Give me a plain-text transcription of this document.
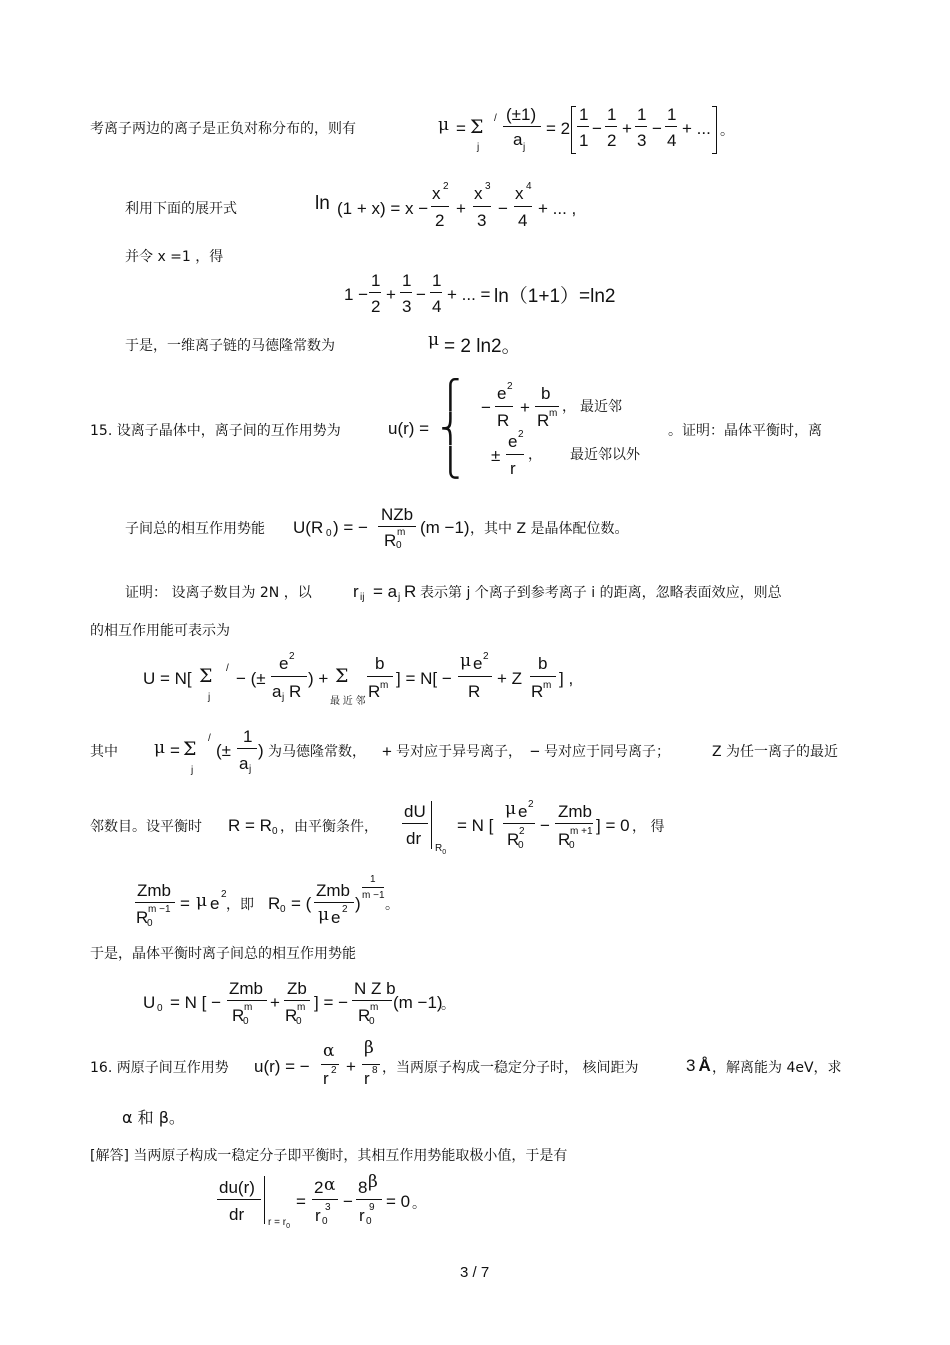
考离子两边的离子是正负对称分布的，则有	μ = Σ
j
/ (±1)
a j
= 2
1
1
−
1
2
+
1
3
−
1
4
+ ... 。
利用下面的展开式	ln (1 + x) = x −
x 2
2
+
x 3
3
−
x 4
4
+ ... ,
并令 x =1 ，得
1 −
1
2
+
1
3
−
1
4
+ ... = ln（1+1）=ln2
于是，一维离子链的马德隆常数为	μ = 2 ln2。
15. 设离子晶体中，离子间的互作用势为	u(r) =
⎧
⎨
⎩
−
e 2
R
+
b
R m ， 最近邻
±
e 2
r
， 最近邻以外
。证明：晶体平衡时，离
子间总的相互作用势能 U(R 0 ) = −
NZb
R 0
m (m −1) ，其中 Z 是晶体配位数。
证明： 设离子数目为 2N ，以 r ij = a j R 表示第 j 个离子到参考离子 i 的距离，忽略表面效应，则总
的相互作用能可表示为
U = N[ Σ
j
/
− (±
e 2
a j R
) + Σ
最 近 邻
b
R m ] = N[ −
μ e 2
R
+ Z
b
R m ] ,
其中 μ = Σ
j
/
(±
1
a j
) 为马德隆常数， + 号对应于异号离子， − 号对应于同号离子；	Z 为任一离子的最近
邻数目。设平衡时 R = R 0 ，由平衡条件，
dU
dr
$R_0$
= N [
μ e 2
R
0
2 −
Zmb
R
0
m +1 ] = 0 ， 得
Zmb
R
0
m −1 = μ e 2
，即 R 0 = (
Zmb
μ e 2 )
1
m −1
。
于是，晶体平衡时离子间总的相互作用势能
U 0 = N [ −
Zmb
R
0
m +
Zb
R
0
m ] = −
N Z b
R
0
m (m −1)
。
16. 两原子间互作用势 u(r) = −
α
r 2 +
β
r 8 ，当两原子构成一稳定分子时， 核间距为	3 Å ，解离能为 4eV，求
α 和 β。
[解答] 当两原子构成一稳定分子即平衡时，其相互作用势能取极小值，于是有
du(r)
dr $r = r_0$
=
2 α
r 0
3 −
8 β
r 0
9 = 0 。
3 / 7
